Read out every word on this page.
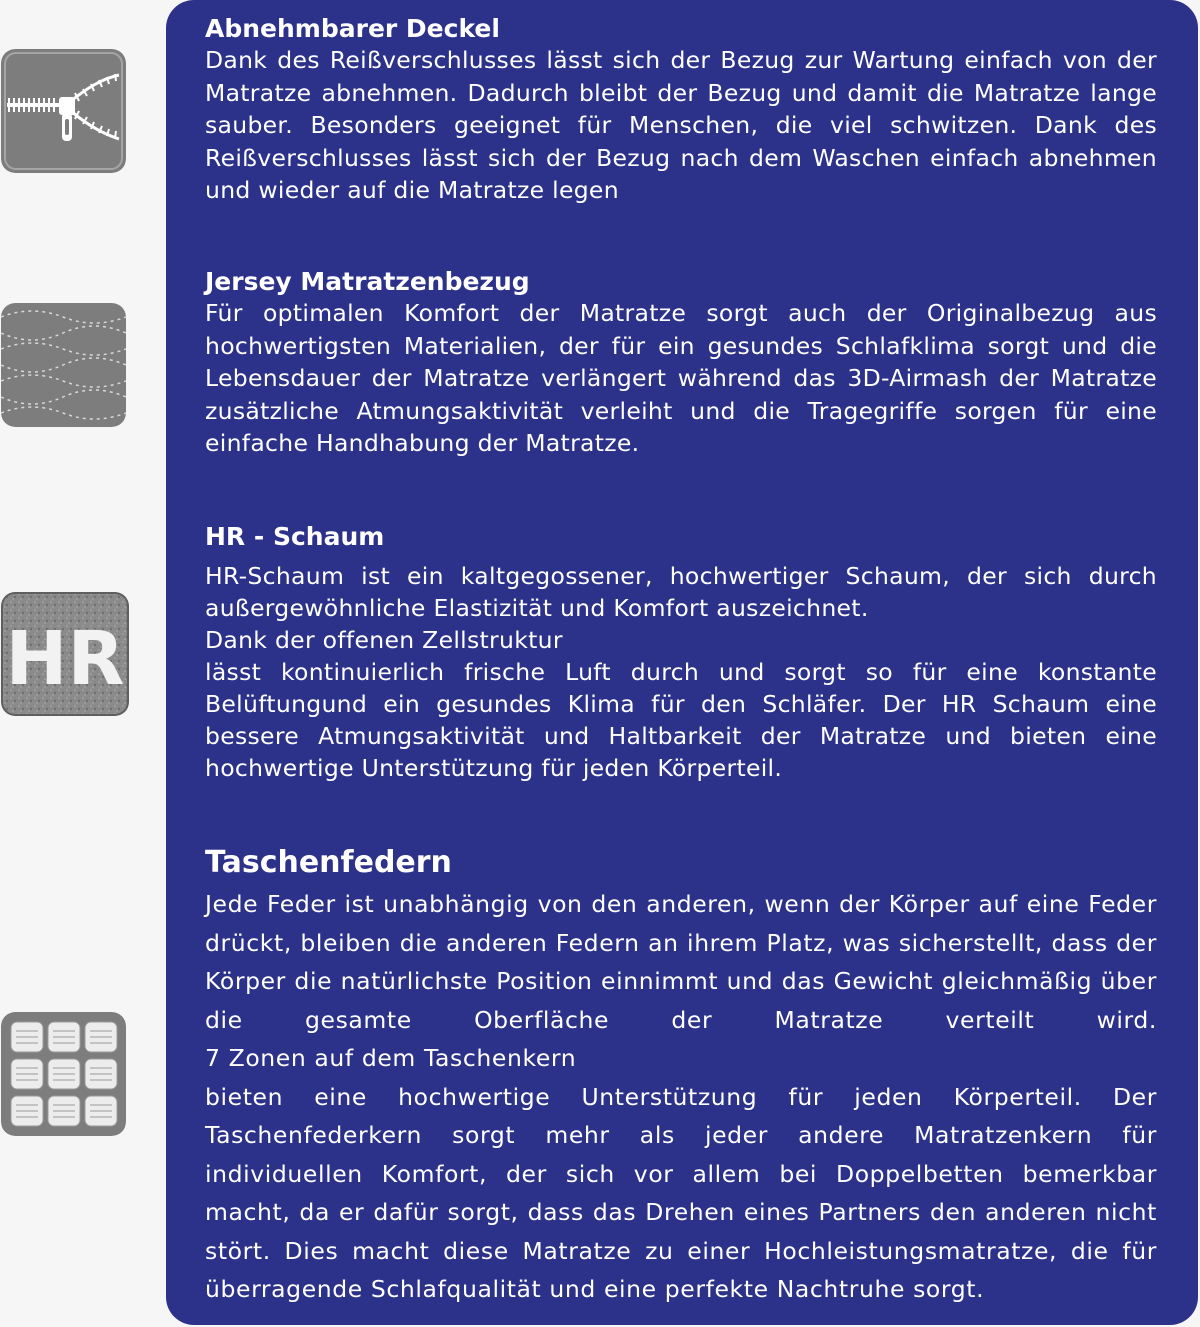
HR
Abnehmbarer Deckel

Dank des Reißverschlusses lässt sich der Bezug zur Wartung einfach von der Matratze abnehmen. Dadurch bleibt der Bezug und damit die Matratze lange sauber. Besonders geeignet für Menschen, die viel schwitzen. Dank des Reißverschlusses lässt sich der Bezug nach dem Waschen einfach abnehmen und wieder auf die Matratze legen

Jersey Matratzenbezug

Für optimalen Komfort der Matratze sorgt auch der Originalbezug aus hochwertigsten Materialien, der für ein gesundes Schlafklima sorgt und die Lebensdauer der Matratze verlängert während das 3D-Airmash der Matratze zusätzliche Atmungsaktivität verleiht und die Tragegriffe sorgen für eine einfache Handhabung der Matratze.

HR - Schaum

HR-Schaum ist ein kaltgegossener, hochwertiger Schaum, der sich durch außergewöhnliche Elastizität und Komfort auszeichnet.

Dank der offenen Zellstruktur

lässt kontinuierlich frische Luft durch und sorgt so für eine konstante Belüftungund ein gesundes Klima für den Schläfer. Der HR Schaum eine bessere Atmungsaktivität und Haltbarkeit der Matratze und bieten eine hochwertige Unterstützung für jeden Körperteil.

Taschenfedern

Jede Feder ist unabhängig von den anderen, wenn der Körper auf eine Feder drückt, bleiben die anderen Federn an ihrem Platz, was sicherstellt, dass der Körper die natürlichste Position einnimmt und das Gewicht gleichmäßig über die gesamte Oberfläche der Matratze verteilt wird.

7 Zonen auf dem Taschenkern

bieten eine hochwertige Unterstützung für jeden Körperteil. Der Taschenfederkern sorgt mehr als jeder andere Matratzenkern für individuellen Komfort, der sich vor allem bei Doppelbetten bemerkbar macht, da er dafür sorgt, dass das Drehen eines Partners den anderen nicht stört. Dies macht diese Matratze zu einer Hochleistungsmatratze, die für überragende Schlafqualität und eine perfekte Nachtruhe sorgt.
